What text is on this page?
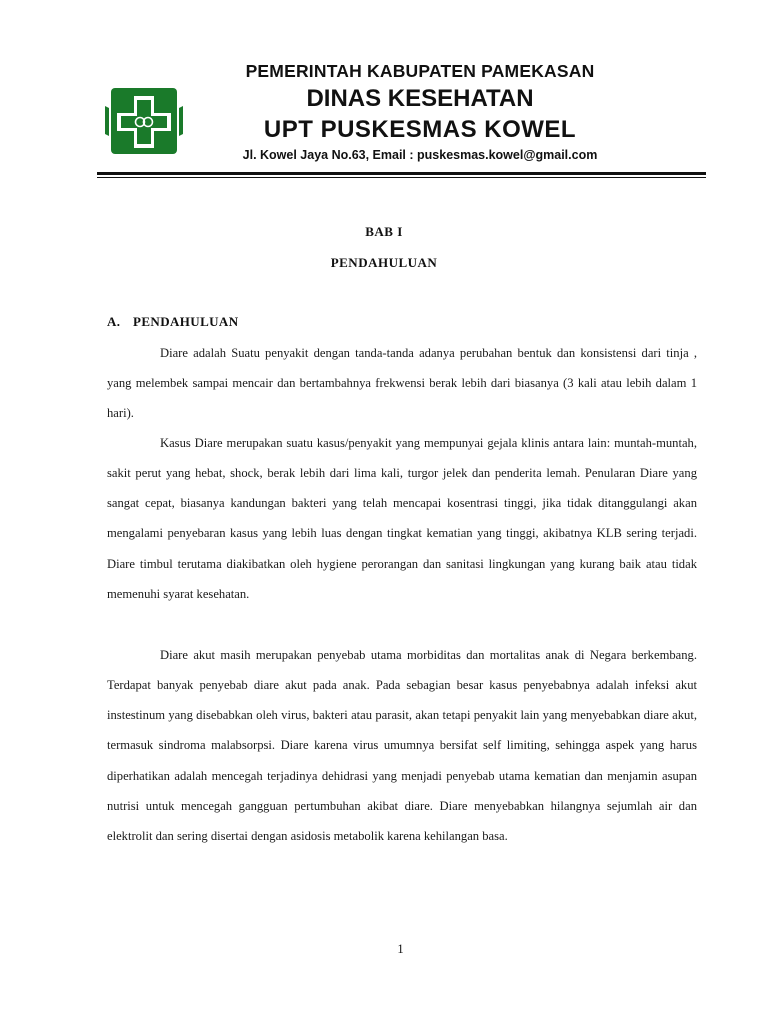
PEMERINTAH KABUPATEN PAMEKASAN
DINAS KESEHATAN
UPT PUSKESMAS KOWEL
Jl. Kowel Jaya No.63, Email : puskesmas.kowel@gmail.com
BAB I
PENDAHULUAN
A. PENDAHULUAN

Diare adalah Suatu penyakit dengan tanda-tanda adanya perubahan bentuk dan konsistensi dari tinja , yang melembek sampai mencair dan bertambahnya frekwensi berak lebih dari biasanya (3 kali atau lebih dalam 1 hari).

Kasus Diare merupakan suatu kasus/penyakit yang mempunyai gejala klinis antara lain: muntah-muntah, sakit perut yang hebat, shock, berak lebih dari lima kali, turgor jelek dan penderita lemah. Penularan Diare yang sangat cepat, biasanya kandungan bakteri yang telah mencapai kosentrasi tinggi, jika tidak ditanggulangi akan mengalami penyebaran kasus yang lebih luas dengan tingkat kematian yang tinggi, akibatnya KLB sering terjadi. Diare timbul terutama diakibatkan oleh hygiene perorangan dan sanitasi lingkungan yang kurang baik atau tidak memenuhi syarat kesehatan.

Diare akut masih merupakan penyebab utama morbiditas dan mortalitas anak di Negara berkembang. Terdapat banyak penyebab diare akut pada anak. Pada sebagian besar kasus penyebabnya adalah infeksi akut instestinum yang disebabkan oleh virus, bakteri atau parasit, akan tetapi penyakit lain yang menyebabkan diare akut, termasuk sindroma malabsorpsi. Diare karena virus umumnya bersifat self limiting, sehingga aspek yang harus diperhatikan adalah mencegah terjadinya dehidrasi yang menjadi penyebab utama kematian dan menjamin asupan nutrisi untuk mencegah gangguan pertumbuhan akibat diare. Diare menyebabkan hilangnya sejumlah air dan elektrolit dan sering disertai dengan asidosis metabolik karena kehilangan basa.

1
